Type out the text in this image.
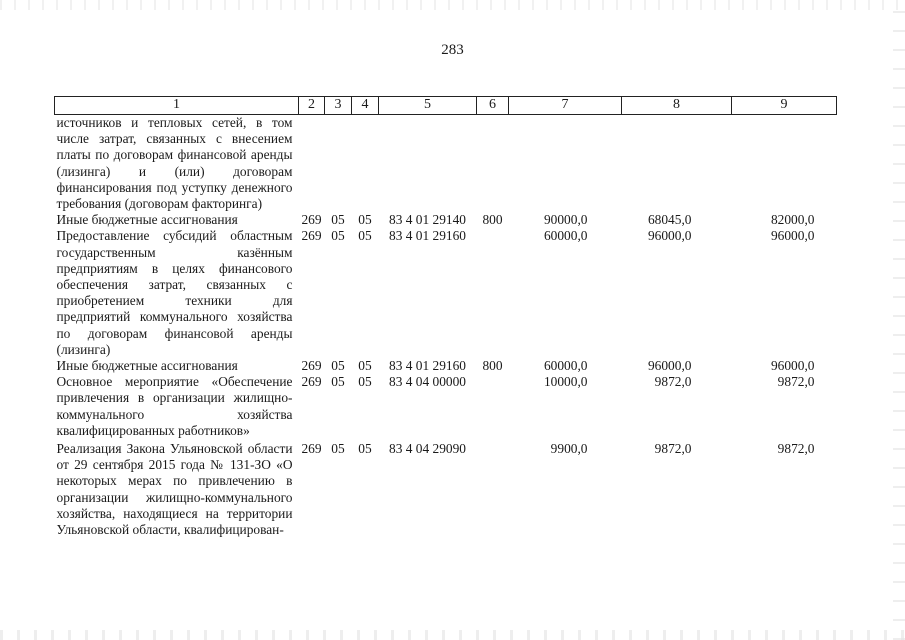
283
1	2	3	4	5	6	7	8	9
источников и тепловых сетей, в том числе затрат, связанных с внесением платы по договорам финансовой аренды (лизинга) и (или) договорам финансирования под уступку денежного требования (договорам факторинга)								
Иные бюджетные ассигнования	269	05	05	83 4 01 29140	800	90000,0	68045,0	82000,0
Предоставление субсидий областным государственным казённым предприятиям в целях финансового обеспечения затрат, связанных с приобретением техники для предприятий коммунального хозяйства по договорам финансовой аренды (лизинга)	269	05	05	83 4 01 29160		60000,0	96000,0	96000,0
Иные бюджетные ассигнования	269	05	05	83 4 01 29160	800	60000,0	96000,0	96000,0
Основное мероприятие «Обеспечение привлечения в организации жилищно-коммунального хозяйства квалифицированных работников»	269	05	05	83 4 04 00000		10000,0	9872,0	9872,0
Реализация Закона Ульяновской области от 29 сентября 2015 года № 131-ЗО «О некоторых мерах по привлечению в организации жилищно-коммунального хозяйства, находящиеся на территории Ульяновской области, квалифицирован-	269	05	05	83 4 04 29090		9900,0	9872,0	9872,0
